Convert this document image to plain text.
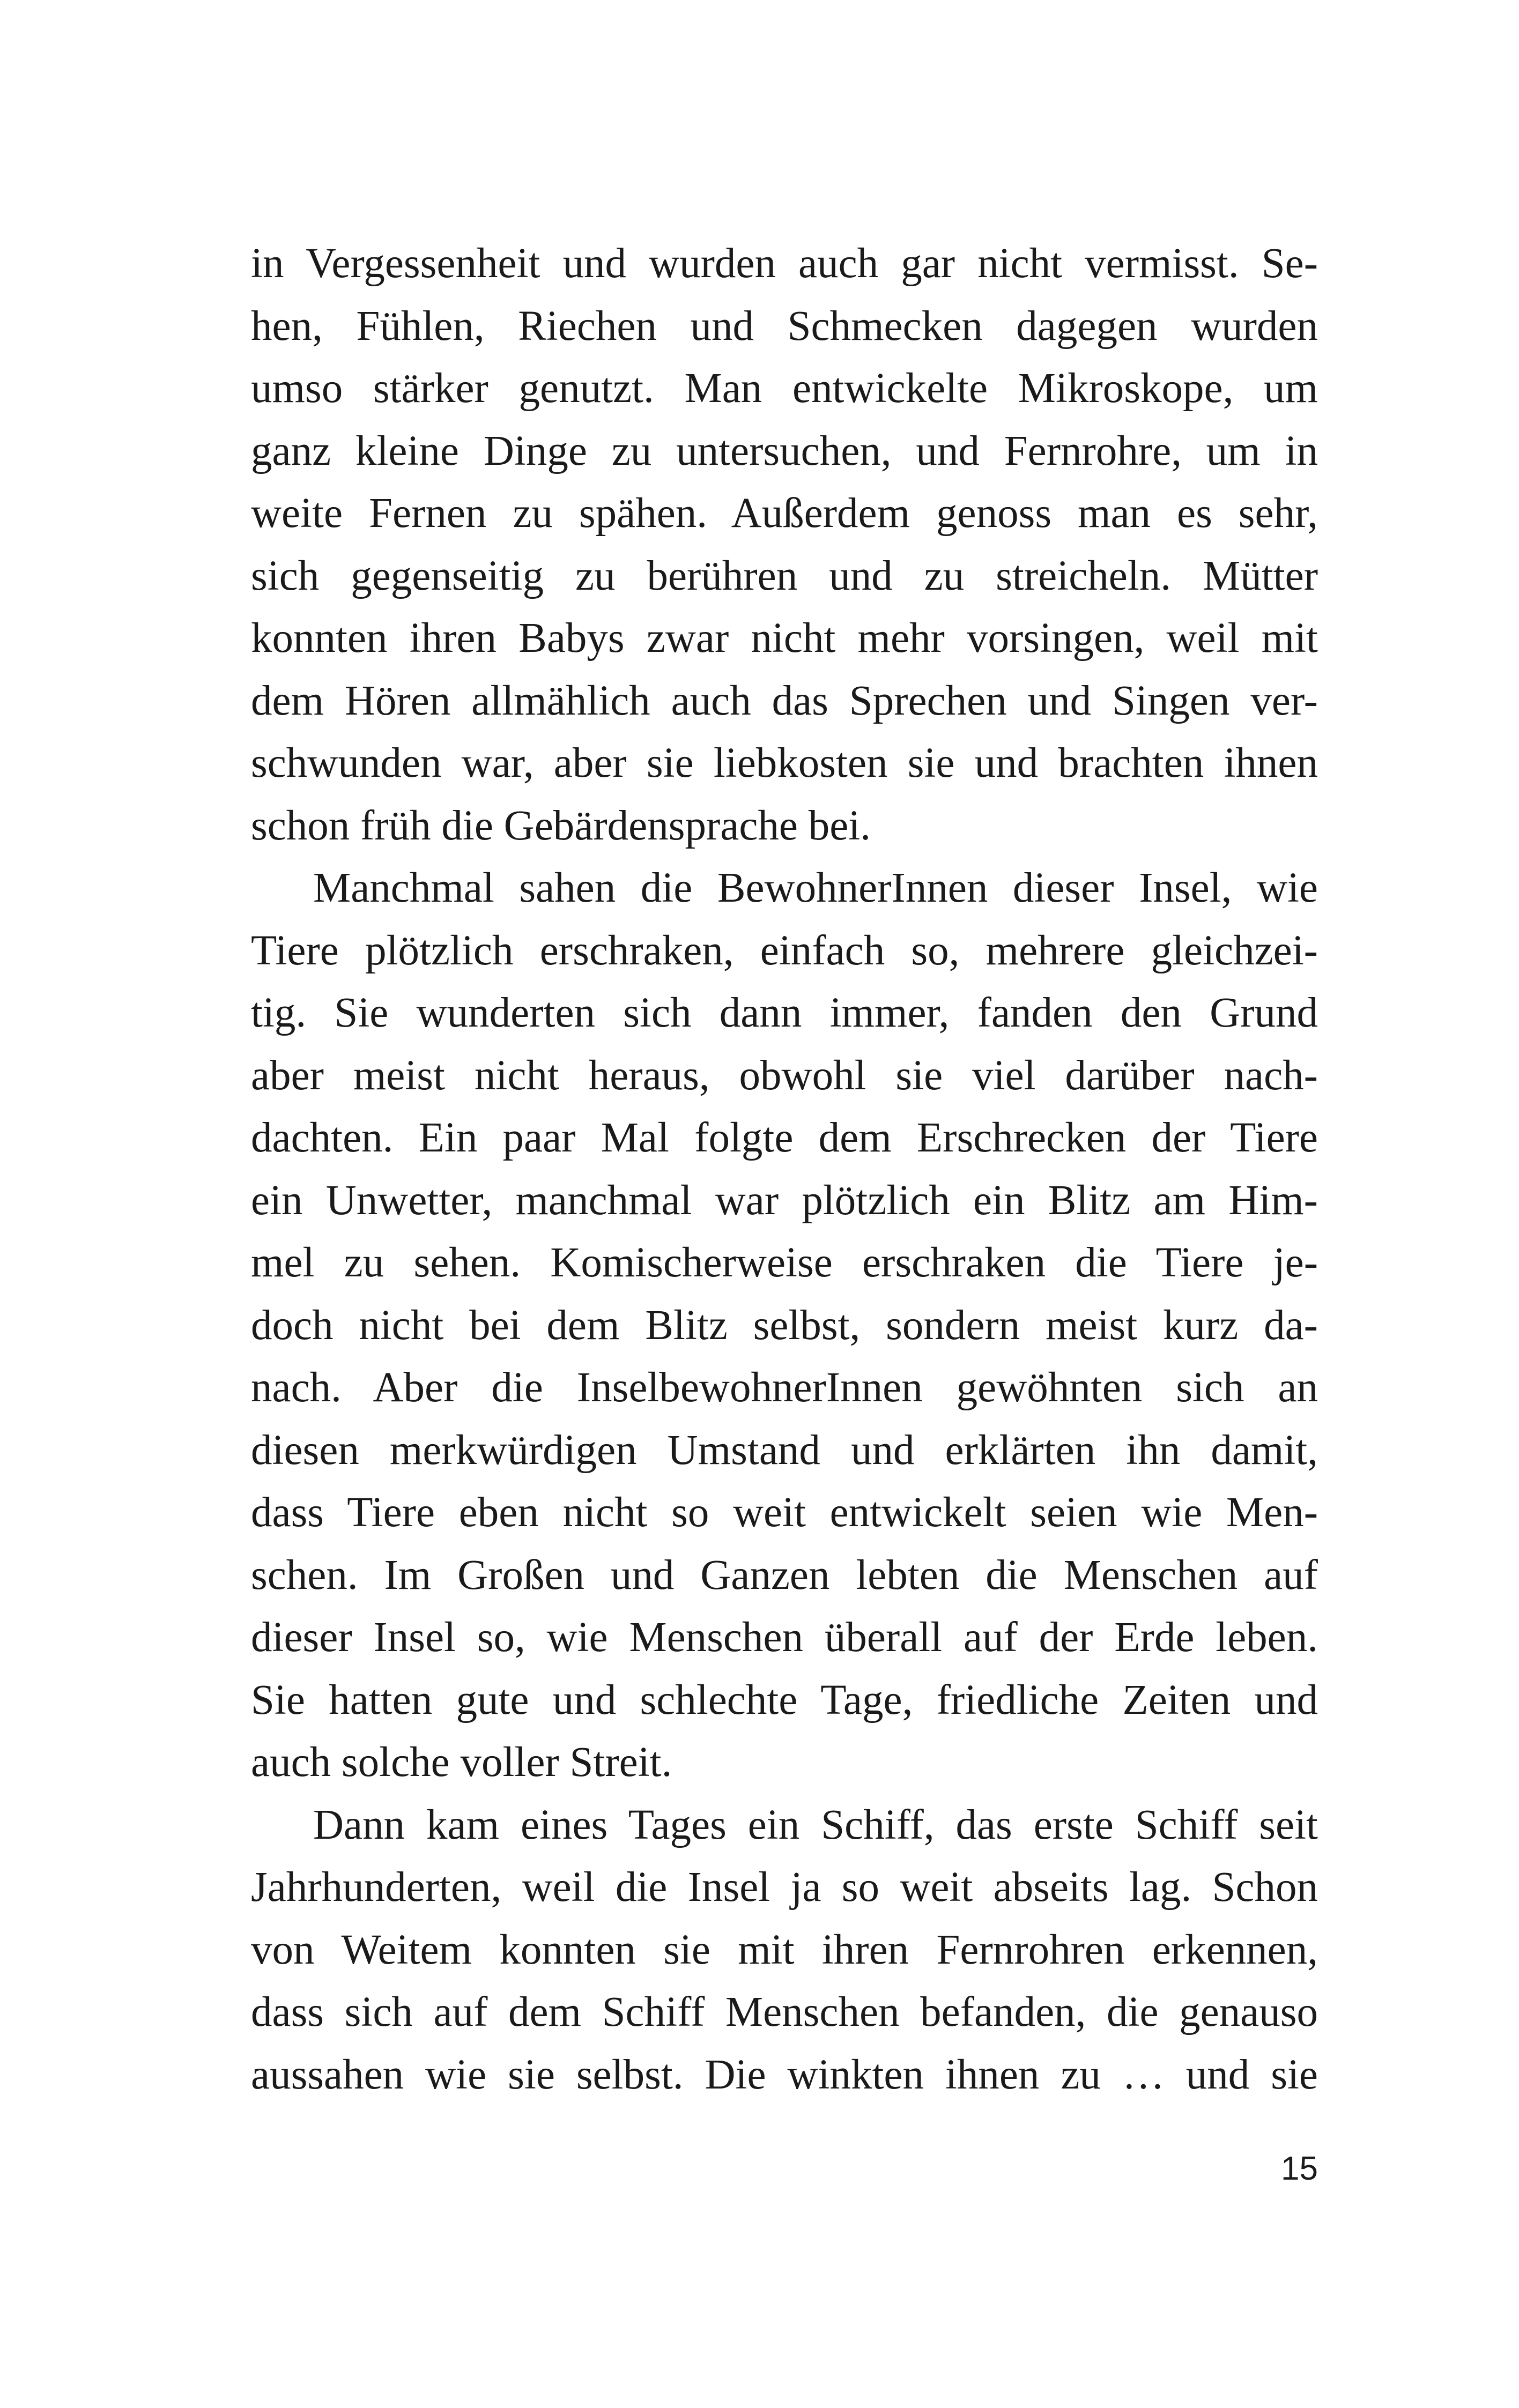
in Vergessenheit und wurden auch gar nicht vermisst. Se-
hen, Fühlen, Riechen und Schmecken dagegen wurden
umso stärker genutzt. Man entwickelte Mikroskope, um
ganz kleine Dinge zu untersuchen, und Fernrohre, um in
weite Fernen zu spähen. Außerdem genoss man es sehr,
sich gegenseitig zu berühren und zu streicheln. Mütter
konnten ihren Babys zwar nicht mehr vorsingen, weil mit
dem Hören allmählich auch das Sprechen und Singen ver-
schwunden war, aber sie liebkosten sie und brachten ihnen
schon früh die Gebärdensprache bei.
Manchmal sahen die BewohnerInnen dieser Insel, wie
Tiere plötzlich erschraken, einfach so, mehrere gleichzei-
tig. Sie wunderten sich dann immer, fanden den Grund
aber meist nicht heraus, obwohl sie viel darüber nach-
dachten. Ein paar Mal folgte dem Erschrecken der Tiere
ein Unwetter, manchmal war plötzlich ein Blitz am Him-
mel zu sehen. Komischerweise erschraken die Tiere je-
doch nicht bei dem Blitz selbst, sondern meist kurz da-
nach. Aber die InselbewohnerInnen gewöhnten sich an
diesen merkwürdigen Umstand und erklärten ihn damit,
dass Tiere eben nicht so weit entwickelt seien wie Men-
schen. Im Großen und Ganzen lebten die Menschen auf
dieser Insel so, wie Menschen überall auf der Erde leben.
Sie hatten gute und schlechte Tage, friedliche Zeiten und
auch solche voller Streit.
Dann kam eines Tages ein Schiff, das erste Schiff seit
Jahrhunderten, weil die Insel ja so weit abseits lag. Schon
von Weitem konnten sie mit ihren Fernrohren erkennen,
dass sich auf dem Schiff Menschen befanden, die genauso
aussahen wie sie selbst. Die winkten ihnen zu … und sie
15
